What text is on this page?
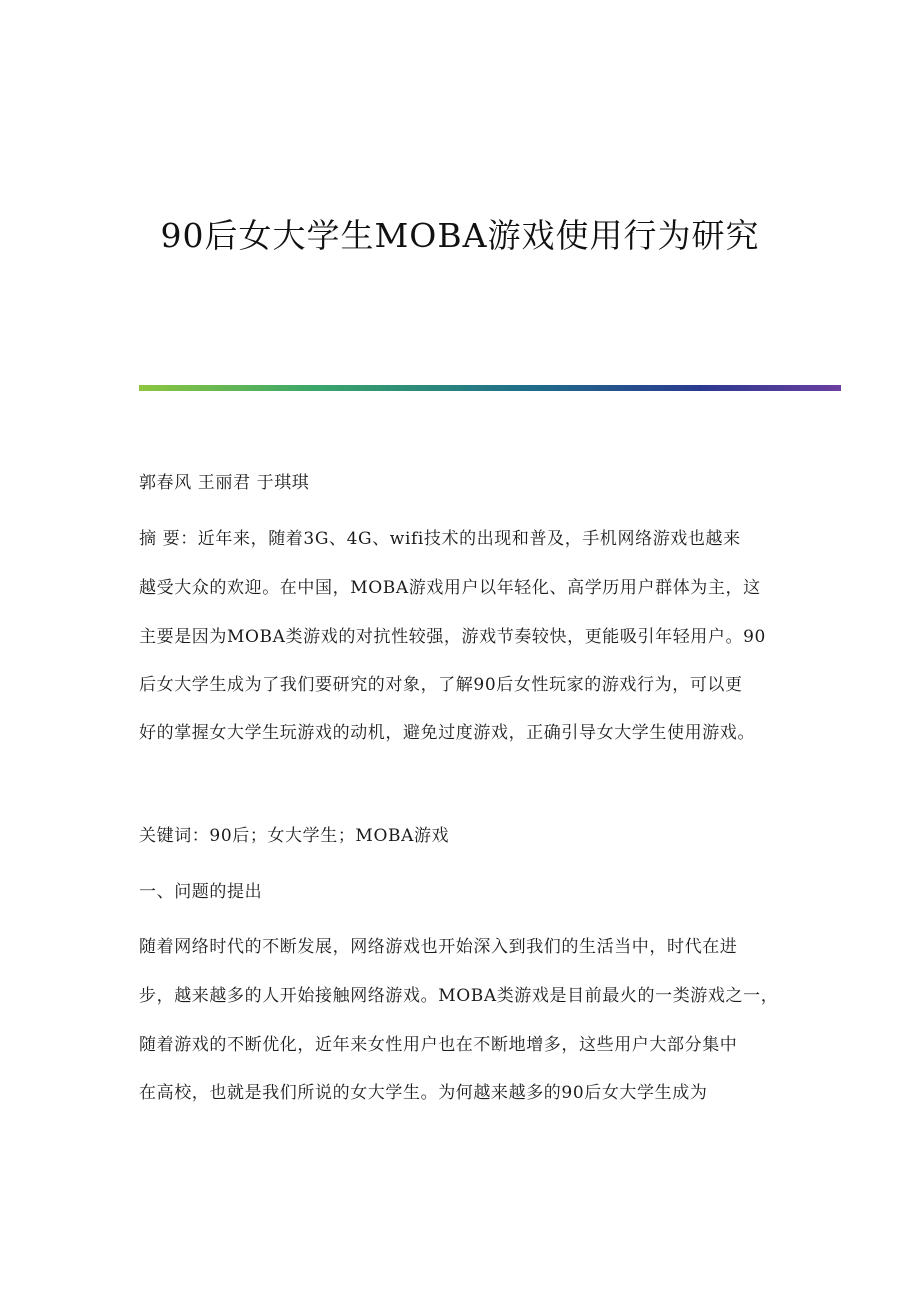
90后女大学生MOBA游戏使用行为研究
郭春风 王丽君 于琪琪
摘 要：近年来，随着3G、4G、wifi技术的出现和普及，手机网络游戏也越来
越受大众的欢迎。在中国，MOBA游戏用户以年轻化、高学历用户群体为主，这
主要是因为MOBA类游戏的对抗性较强，游戏节奏较快，更能吸引年轻用户。90
后女大学生成为了我们要研究的对象，了解90后女性玩家的游戏行为，可以更
好的掌握女大学生玩游戏的动机，避免过度游戏，正确引导女大学生使用游戏。
关键词：90后；女大学生；MOBA游戏
一、问题的提出
随着网络时代的不断发展，网络游戏也开始深入到我们的生活当中，时代在进
步，越来越多的人开始接触网络游戏。MOBA类游戏是目前最火的一类游戏之一，
随着游戏的不断优化，近年来女性用户也在不断地增多，这些用户大部分集中
在高校，也就是我们所说的女大学生。为何越来越多的90后女大学生成为
